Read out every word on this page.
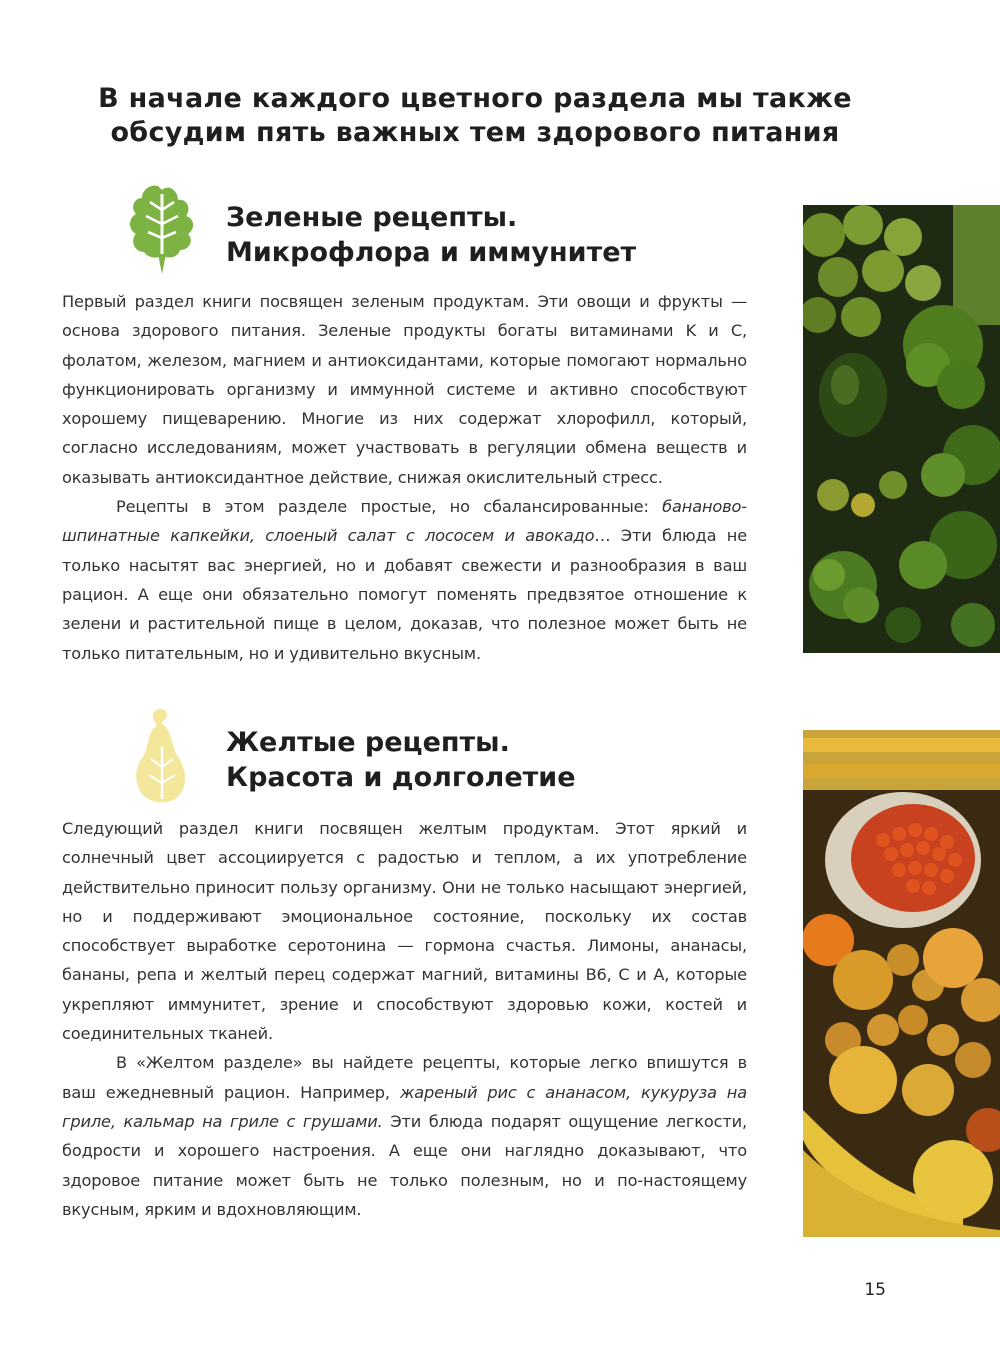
В начале каждого цветного раздела мы также
обсудим пять важных тем здорового питания
Зеленые рецепты.
Микрофлора и иммунитет

Первый раздел книги посвящен зеленым продуктам. Эти овощи и фрукты — основа здорового питания. Зеленые продукты богаты витаминами K и C, фолатом, железом, магнием и антиоксидантами, которые помогают нормально функционировать организму и иммунной системе и активно способствуют хорошему пищеварению. Многие из них содержат хлорофилл, который, согласно исследованиям, может участвовать в регуляции обмена веществ и оказывать антиоксидантное действие, снижая окислительный стресс.

Рецепты в этом разделе простые, но сбалансированные: бананово-шпинатные капкейки, слоеный салат с лососем и авокадо… Эти блюда не только насытят вас энергией, но и добавят свежести и разнообразия в ваш рацион. А еще они обязательно помогут поменять предвзятое отношение к зелени и растительной пище в целом, доказав, что полезное может быть не только питательным, но и удивительно вкусным.

Желтые рецепты.
Красота и долголетие

Следующий раздел книги посвящен желтым продуктам. Этот яркий и солнечный цвет ассоциируется с радостью и теплом, а их употребление действительно приносит пользу организму. Они не только насыщают энергией, но и поддерживают эмоциональное состояние, поскольку их состав способствует выработке серотонина — гормона счастья. Лимоны, ананасы, бананы, репа и желтый перец содержат магний, витамины B6, C и A, которые укрепляют иммунитет, зрение и способствуют здоровью кожи, костей и соединительных тканей.

В «Желтом разделе» вы найдете рецепты, которые легко впишутся в ваш ежедневный рацион. Например, жареный рис с ананасом, кукуруза на гриле, кальмар на гриле с грушами. Эти блюда подарят ощущение легкости, бодрости и хорошего настроения. А еще они наглядно доказывают, что здоровое питание может быть не только полезным, но и по-настоящему вкусным, ярким и вдохновляющим.

15
